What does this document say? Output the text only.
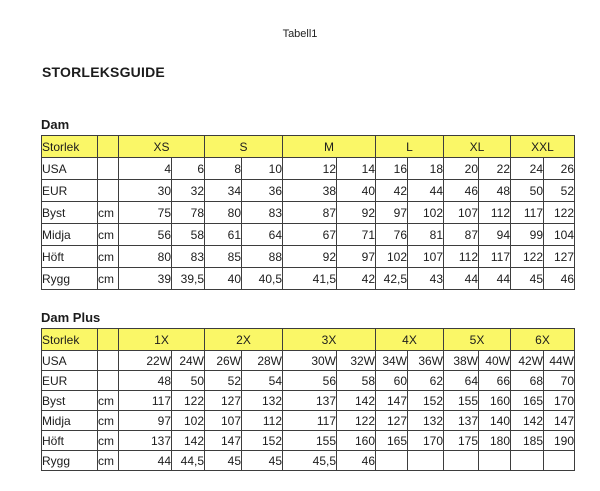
Tabell1
STORLEKSGUIDE
Dam
Storlek		XS		S		M		L		XL		XXL	
USA		4	6	8	10	12	14	16	18	20	22	24	26
EUR		30	32	34	36	38	40	42	44	46	48	50	52
Byst	cm	75	78	80	83	87	92	97	102	107	112	117	122
Midja	cm	56	58	61	64	67	71	76	81	87	94	99	104
Höft	cm	80	83	85	88	92	97	102	107	112	117	122	127
Rygg	cm	39	39,5	40	40,5	41,5	42	42,5	43	44	44	45	46
Dam Plus
Storlek		1X		2X		3X		4X		5X		6X	
USA		22W	24W	26W	28W	30W	32W	34W	36W	38W	40W	42W	44W
EUR		48	50	52	54	56	58	60	62	64	66	68	70
Byst	cm	117	122	127	132	137	142	147	152	155	160	165	170
Midja	cm	97	102	107	112	117	122	127	132	137	140	142	147
Höft	cm	137	142	147	152	155	160	165	170	175	180	185	190
Rygg	cm	44	44,5	45	45	45,5	46						
